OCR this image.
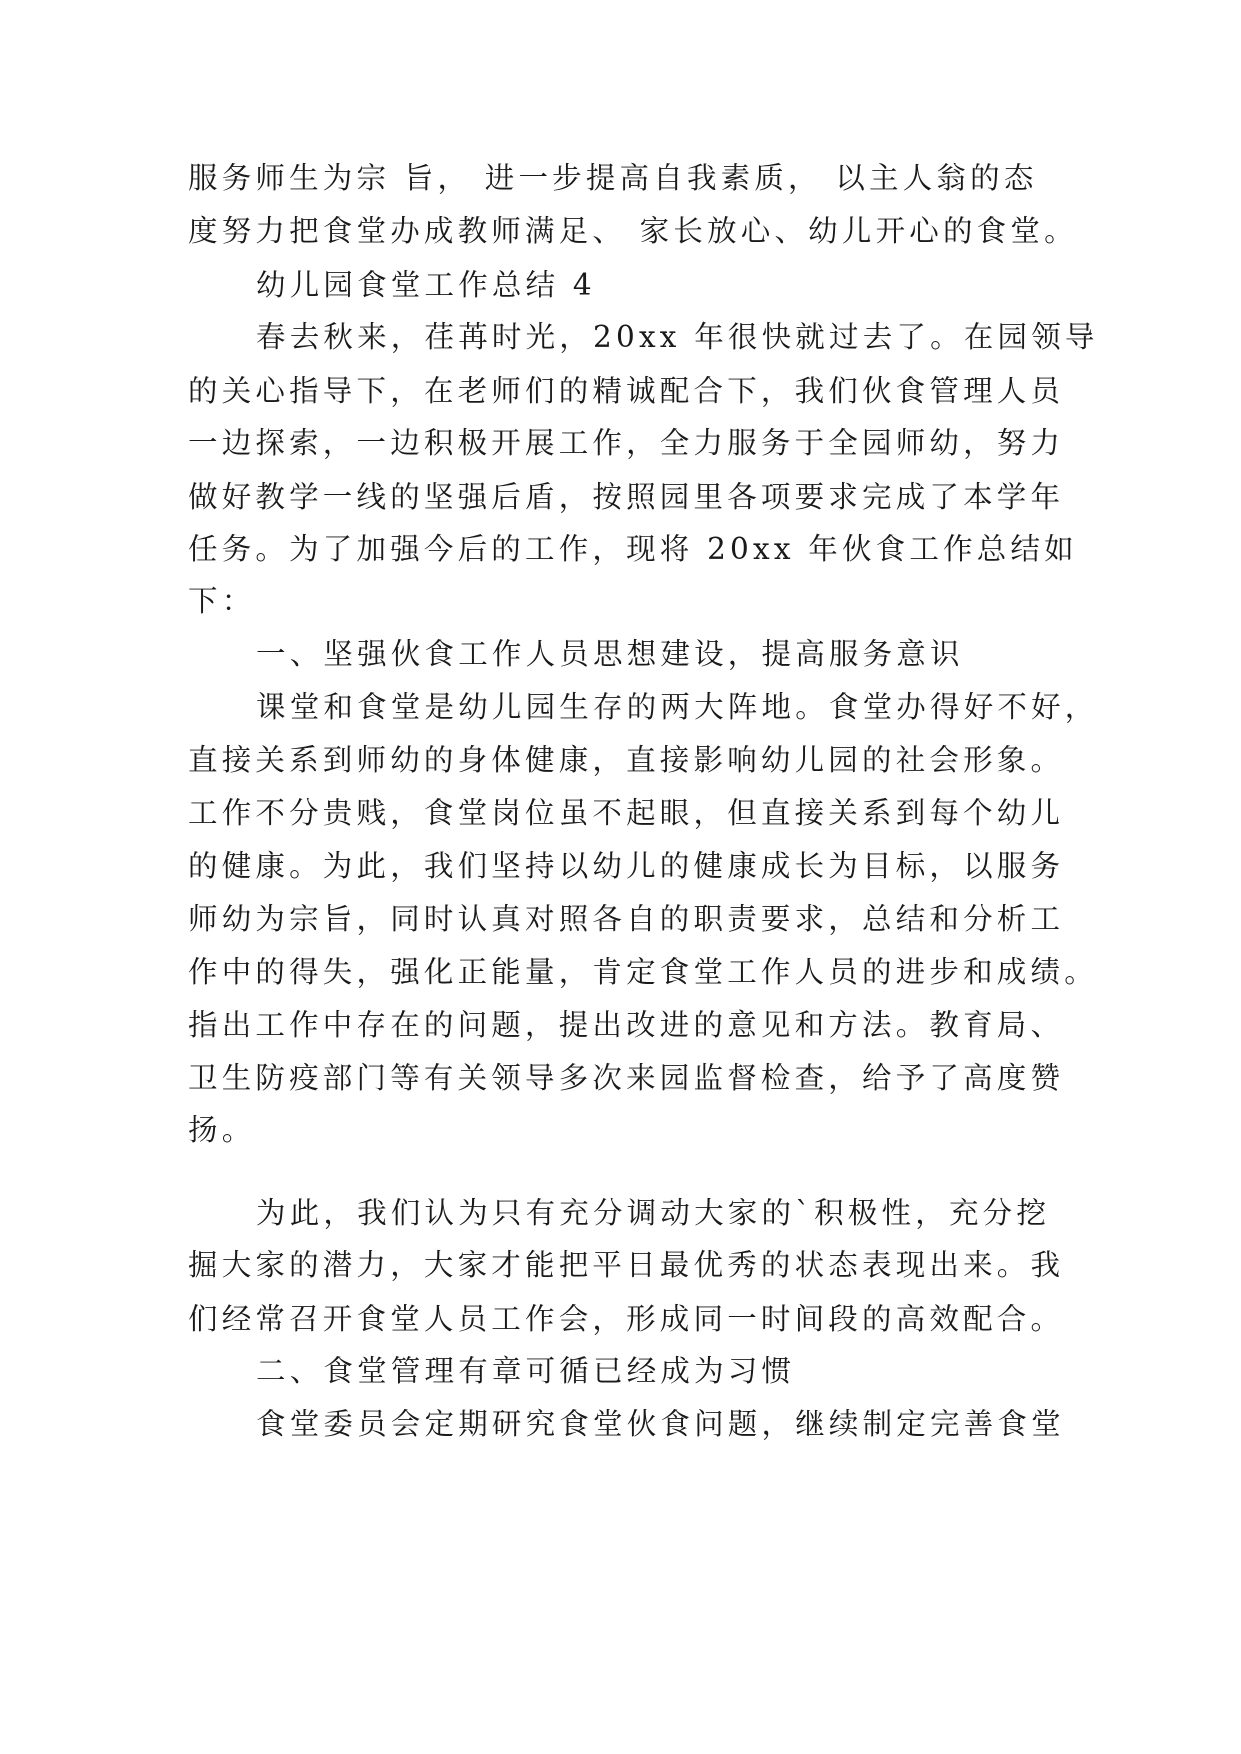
服务师生为宗 旨， 进一步提高自我素质， 以主人翁的态
度努力把食堂办成教师满足、 家长放心、幼儿开心的食堂。
幼儿园食堂工作总结 4
春去秋来，荏苒时光，20xx 年很快就过去了。在园领导
的关心指导下，在老师们的精诚配合下，我们伙食管理人员
一边探索，一边积极开展工作，全力服务于全园师幼，努力
做好教学一线的坚强后盾，按照园里各项要求完成了本学年
任务。为了加强今后的工作，现将 20xx 年伙食工作总结如
下：
一、坚强伙食工作人员思想建设，提高服务意识
课堂和食堂是幼儿园生存的两大阵地。食堂办得好不好，
直接关系到师幼的身体健康，直接影响幼儿园的社会形象。
工作不分贵贱，食堂岗位虽不起眼，但直接关系到每个幼儿
的健康。为此，我们坚持以幼儿的健康成长为目标，以服务
师幼为宗旨，同时认真对照各自的职责要求，总结和分析工
作中的得失，强化正能量，肯定食堂工作人员的进步和成绩。
指出工作中存在的问题，提出改进的意见和方法。教育局、
卫生防疫部门等有关领导多次来园监督检查，给予了高度赞
扬。
为此，我们认为只有充分调动大家的`积极性，充分挖
掘大家的潜力，大家才能把平日最优秀的状态表现出来。我
们经常召开食堂人员工作会，形成同一时间段的高效配合。
二、食堂管理有章可循已经成为习惯
食堂委员会定期研究食堂伙食问题，继续制定完善食堂
